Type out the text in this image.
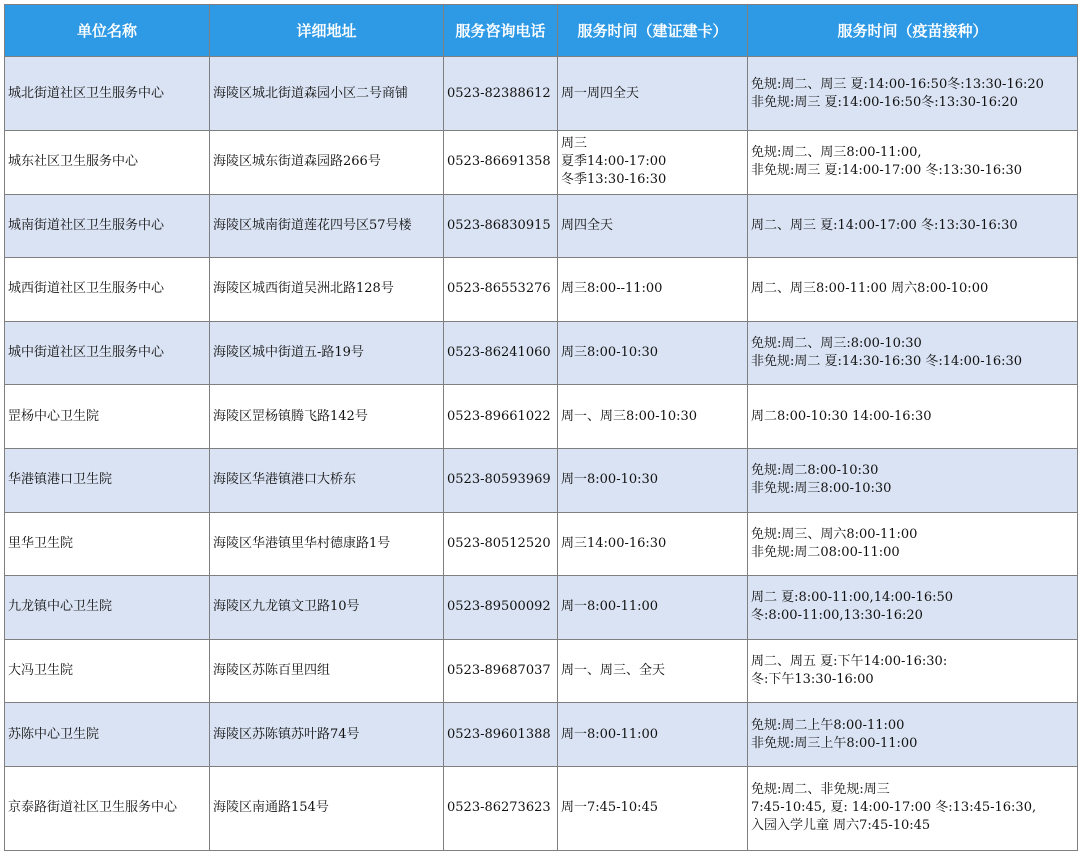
单位名称	详细地址	服务咨询电话	服务时间（建证建卡）	服务时间（疫苗接种）
城北街道社区卫生服务中心	海陵区城北街道森园小区二号商铺	0523-82388612	周一周四全天	免规:周二、周三 夏:14:00-16:50冬:13:30-16:20
非免规:周三 夏:14:00-16:50冬:13:30-16:20
城东社区卫生服务中心	海陵区城东街道森园路266号	0523-86691358	周三
夏季14:00-17:00
冬季13:30-16:30	免规:周二、周三8:00-11:00,
非免规:周三 夏:14:00-17:00 冬:13:30-16:30
城南街道社区卫生服务中心	海陵区城南街道莲花四号区57号楼	0523-86830915	周四全天	周二、周三 夏:14:00-17:00 冬:13:30-16:30
城西街道社区卫生服务中心	海陵区城西街道吴洲北路128号	0523-86553276	周三8:00--11:00	周二、周三8:00-11:00 周六8:00-10:00
城中街道社区卫生服务中心	海陵区城中街道五-路19号	0523-86241060	周三8:00-10:30	免规:周二、周三:8:00-10:30
非免规:周二 夏:14:30-16:30 冬:14:00-16:30
罡杨中心卫生院	海陵区罡杨镇腾飞路142号	0523-89661022	周一、周三8:00-10:30	周二8:00-10:30 14:00-16:30
华港镇港口卫生院	海陵区华港镇港口大桥东	0523-80593969	周一8:00-10:30	免规:周二8:00-10:30
非免规:周三8:00-10:30
里华卫生院	海陵区华港镇里华村德康路1号	0523-80512520	周三14:00-16:30	免规:周三、周六8:00-11:00
非免规:周二08:00-11:00
九龙镇中心卫生院	海陵区九龙镇文卫路10号	0523-89500092	周一8:00-11:00	周二 夏:8:00-11:00,14:00-16:50
冬:8:00-11:00,13:30-16:20
大冯卫生院	海陵区苏陈百里四组	0523-89687037	周一、周三、全天	周二、周五 夏:下午14:00-16:30:
冬:下午13:30-16:00
苏陈中心卫生院	海陵区苏陈镇苏叶路74号	0523-89601388	周一8:00-11:00	免规:周二上午8:00-11:00
非免规:周三上午8:00-11:00
京泰路街道社区卫生服务中心	海陵区南通路154号	0523-86273623	周一7:45-10:45	免规:周二、非免规:周三
7:45-10:45, 夏: 14:00-17:00 冬:13:45-16:30,
入园入学儿童 周六7:45-10:45
